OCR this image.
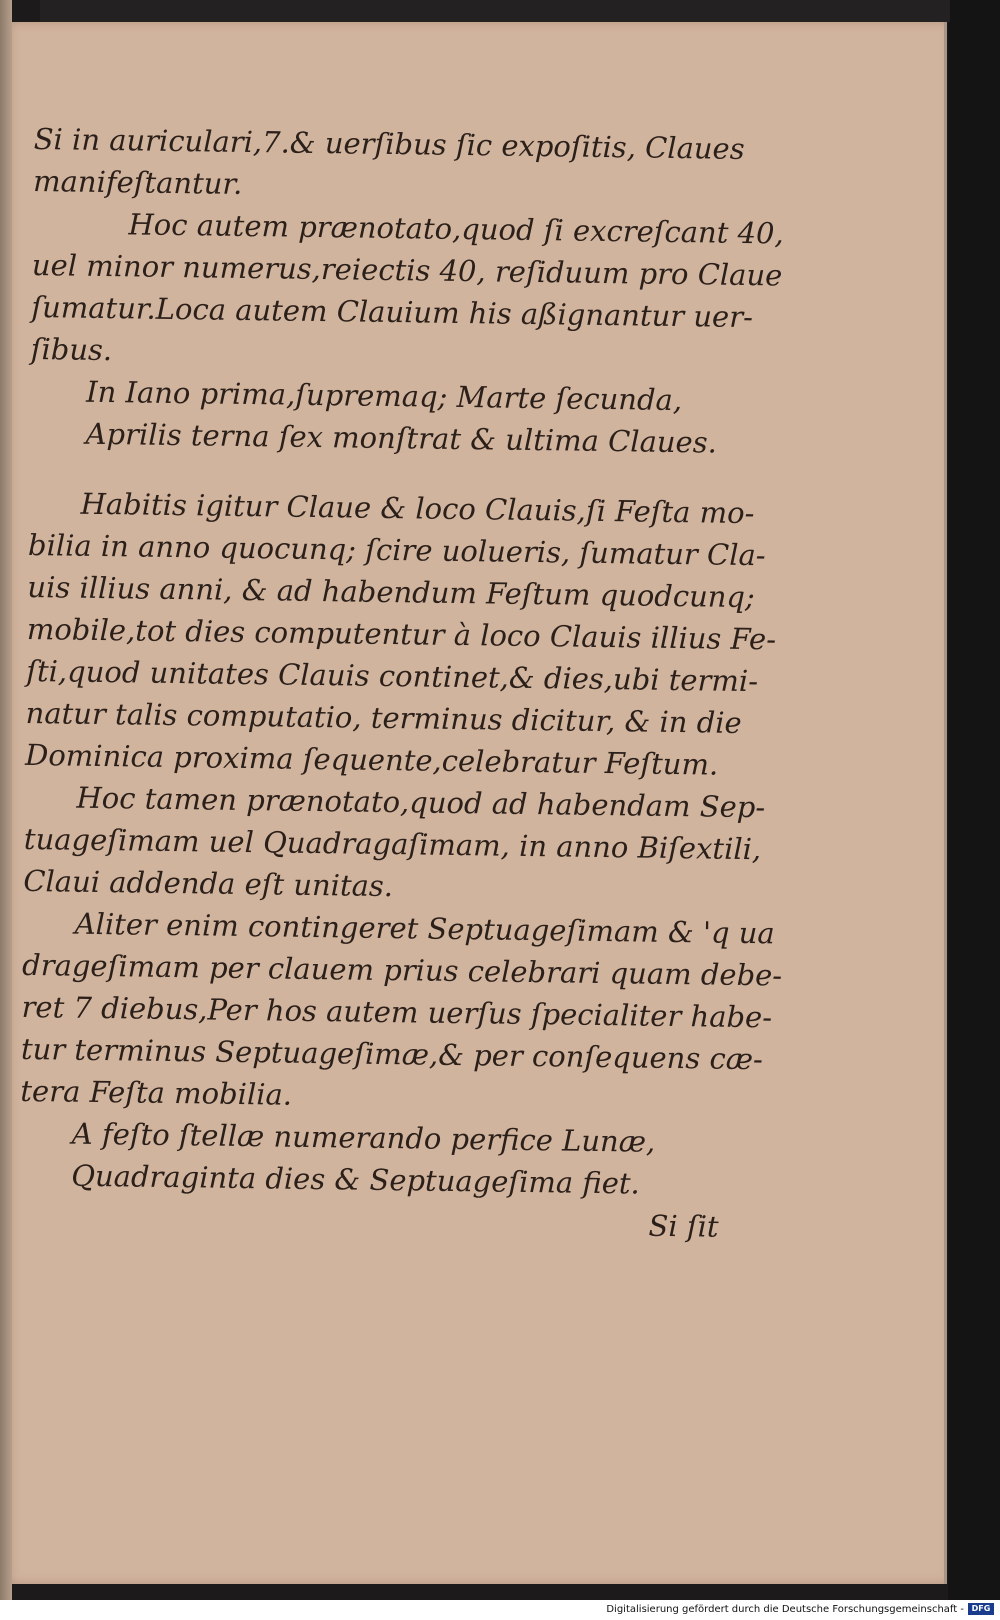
Si in auriculari,7.& uerſibus ſic expoſitis, Claues
manifeſtantur.
Hoc autem prænotato,quod ſi excreſcant 40,
uel minor numerus,reiectis 40, reſiduum pro Claue
ſumatur.Loca autem Clauium his aßignantur uer-
ſibus.
In Iano prima,ſupremaq; Marte ſecunda,
Aprilis terna ſex monſtrat & ultima Claues.
Habitis igitur Claue & loco Clauis,ſi Feſta mo-
bilia in anno quocunq; ſcire uolueris, ſumatur Cla-
uis illius anni, & ad habendum Feſtum quodcunq;
mobile,tot dies computentur à loco Clauis illius Fe-
ſti,quod unitates Clauis continet,& dies,ubi termi-
natur talis computatio, terminus dicitur, & in die
Dominica proxima ſequente,celebratur Feſtum.
Hoc tamen prænotato,quod ad habendam Sep-
tuageſimam uel Quadragaſimam, in anno Biſextili,
Claui addenda eſt unitas.
Aliter enim contingeret Septuageſimam & 'q ua
drageſimam per clauem prius celebrari quam debe-
ret 7 diebus,Per hos autem uerſus ſpecialiter habe-
tur terminus Septuageſimæ,& per conſequens cæ-
tera Feſta mobilia.
A feſto ſtellæ numerando perfice Lunæ,
Quadraginta dies & Septuageſima fiet.
Si ſit
Digitalisierung gefördert durch die Deutsche Forschungsgemeinschaft - DFG
